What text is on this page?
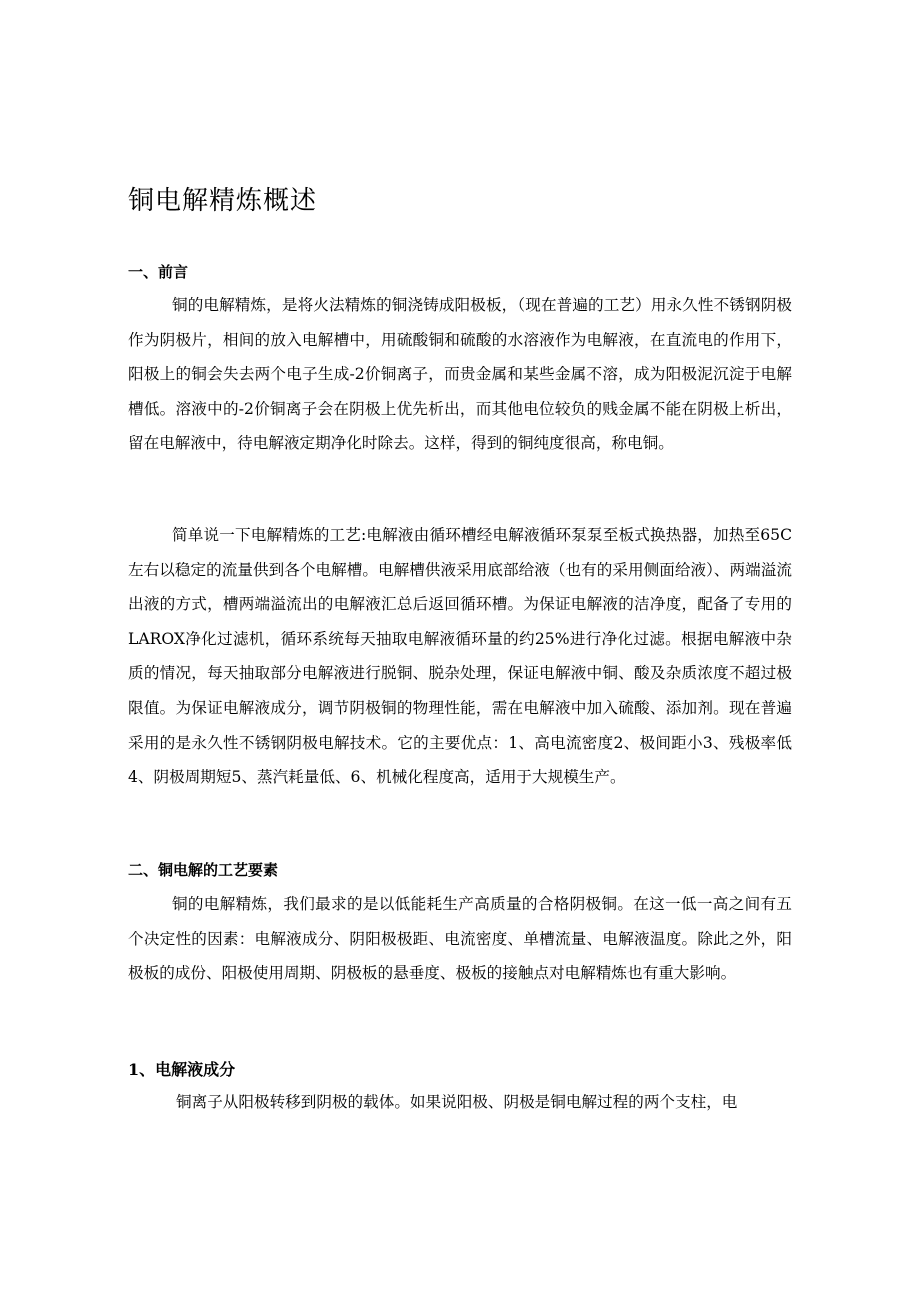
铜电解精炼概述
一、前言

铜的电解精炼，是将火法精炼的铜浇铸成阳极板，（现在普遍的工艺）用永久性不锈钢阴极作为阴极片，相间的放入电解槽中，用硫酸铜和硫酸的水溶液作为电解液，在直流电的作用下，阳极上的铜会失去两个电子生成-2价铜离子，而贵金属和某些金属不溶，成为阳极泥沉淀于电解槽低。溶液中的-2价铜离子会在阴极上优先析出，而其他电位较负的贱金属不能在阴极上析出，留在电解液中，待电解液定期净化时除去。这样，得到的铜纯度很高，称电铜。

简单说一下电解精炼的工艺:电解液由循环槽经电解液循环泵泵至板式换热器，加热至65C左右以稳定的流量供到各个电解槽。电解槽供液采用底部给液（也有的采用侧面给液）、两端溢流出液的方式，槽两端溢流出的电解液汇总后返回循环槽。为保证电解液的洁净度，配备了专用的LAROX净化过滤机，循环系统每天抽取电解液循环量的约25%进行净化过滤。根据电解液中杂质的情况，每天抽取部分电解液进行脱铜、脱杂处理，保证电解液中铜、酸及杂质浓度不超过极限值。为保证电解液成分，调节阴极铜的物理性能，需在电解液中加入硫酸、添加剂。现在普遍采用的是永久性不锈钢阴极电解技术。它的主要优点：1、高电流密度2、极间距小3、残极率低4、阴极周期短5、蒸汽耗量低、6、机械化程度高，适用于大规模生产。

二、铜电解的工艺要素

铜的电解精炼，我们最求的是以低能耗生产高质量的合格阴极铜。在这一低一高之间有五个决定性的因素：电解液成分、阴阳极极距、电流密度、单槽流量、电解液温度。除此之外，阳极板的成份、阳极使用周期、阴极板的悬垂度、极板的接触点对电解精炼也有重大影响。

1、电解液成分

铜离子从阳极转移到阴极的载体。如果说阳极、阴极是铜电解过程的两个支柱，电
